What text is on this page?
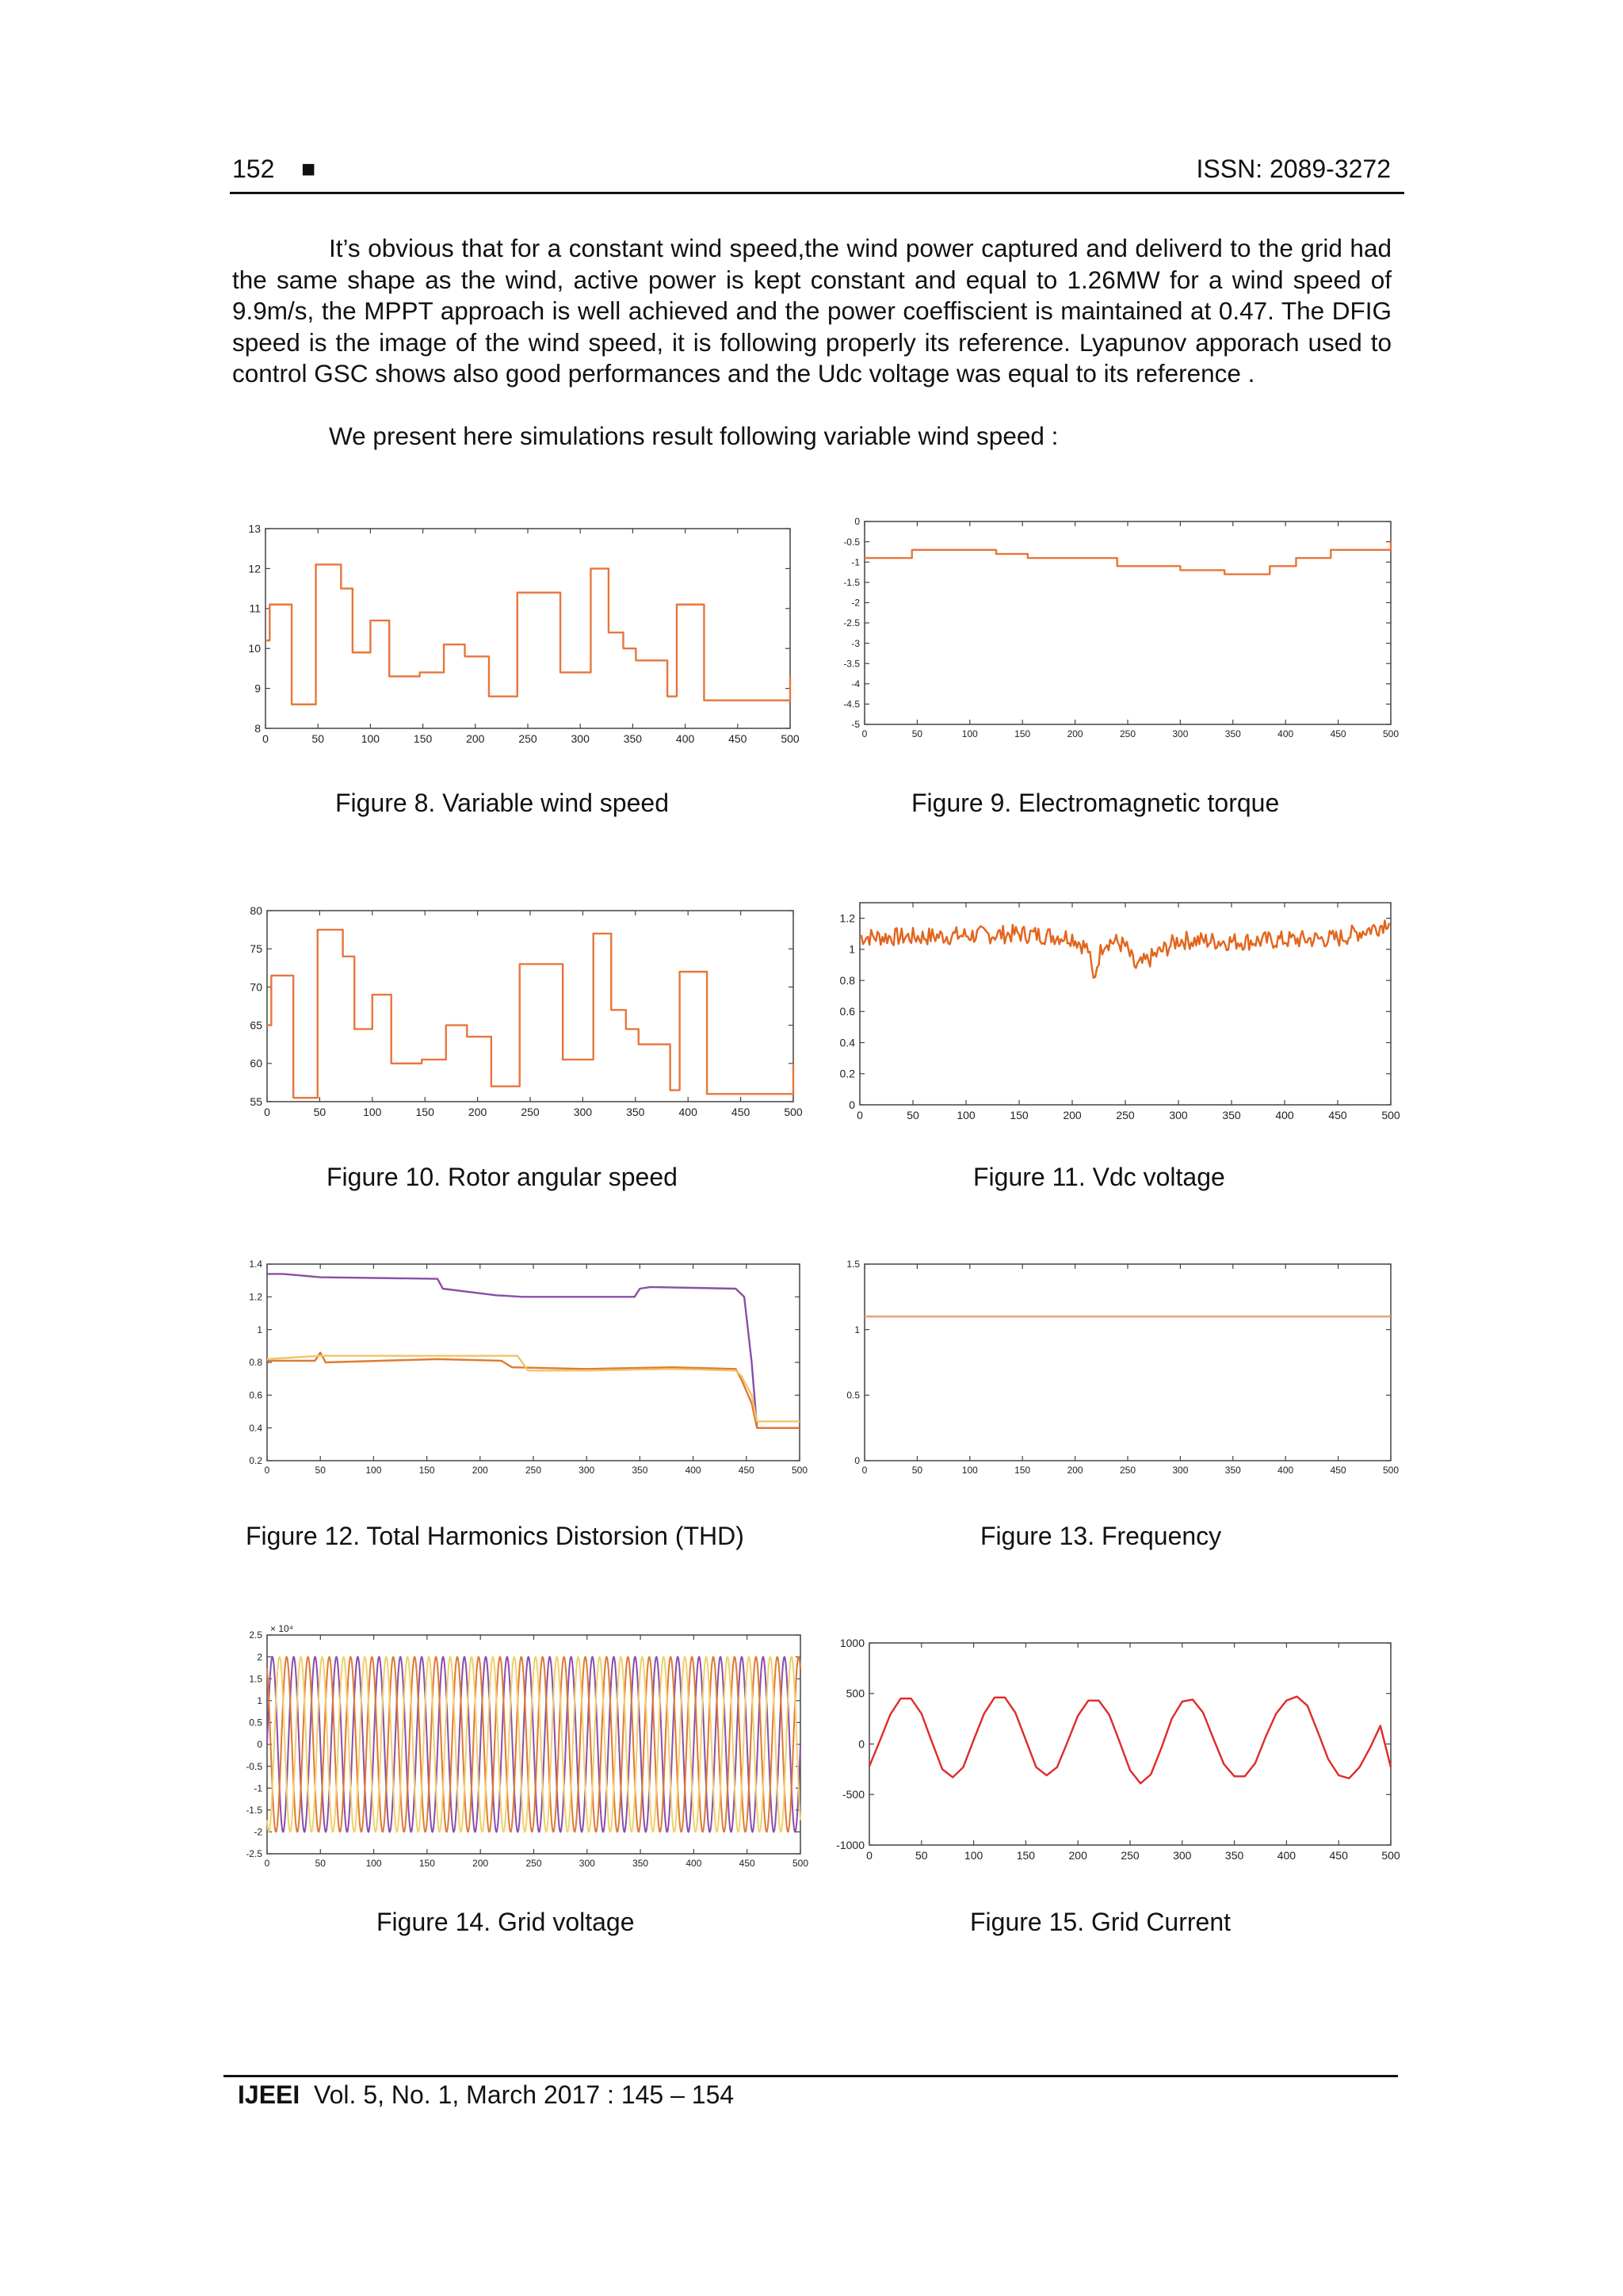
152 ■	ISSN: 2089-3272

It’s obvious that for a constant wind speed,the wind power captured and deliverd to the grid had the same shape as the wind, active power is kept constant and equal to 1.26MW for a wind speed of 9.9m/s, the MPPT approach is well achieved and the power coeffiscient is maintained at 0.47. The DFIG speed is the image of the wind speed, it is following properly its reference. Lyapunov apporach used to control GSC shows also good performances and the Udc voltage was equal to its reference .

We present here simulations result following variable wind speed :

0	50	100	150	200	250	300	350	400	450	500
8
9
10
11
12
13
0	50	100	150	200	250	300	350	400	450	500
0
-0.5
-1
-1.5
-2
-2.5
-3
-3.5
-4
-4.5
-5
0	50	100	150	200	250	300	350	400	450	500
55
60
65
70
75
80
0	50	100	150	200	250	300	350	400	450	500
0
0.2
0.4
0.6
0.8
1
1.2
0	50	100	150	200	250	300	350	400	450	500
0.2
0.4
0.6
0.8
1
1.2
1.4
0	50	100	150	200	250	300	350	400	450	500
0
0.5
1
1.5
0	50	100	150	200	250	300	350	400	450	500
-2.5
-2
-1.5
-1
-0.5
0
0.5
1
1.5
2
2.5
× 10⁴
0	50	100	150	200	250	300	350	400	450	500
-1000
-500
0
500
1000
Figure 8. Variable wind speed	Figure 9. Electromagnetic torque
Figure 10. Rotor angular speed	Figure 11. Vdc voltage
Figure 12. Total Harmonics Distorsion (THD)	Figure 13. Frequency
Figure 14. Grid voltage	Figure 15. Grid Current
IJEEI Vol. 5, No. 1, March 2017 : 145 – 154
